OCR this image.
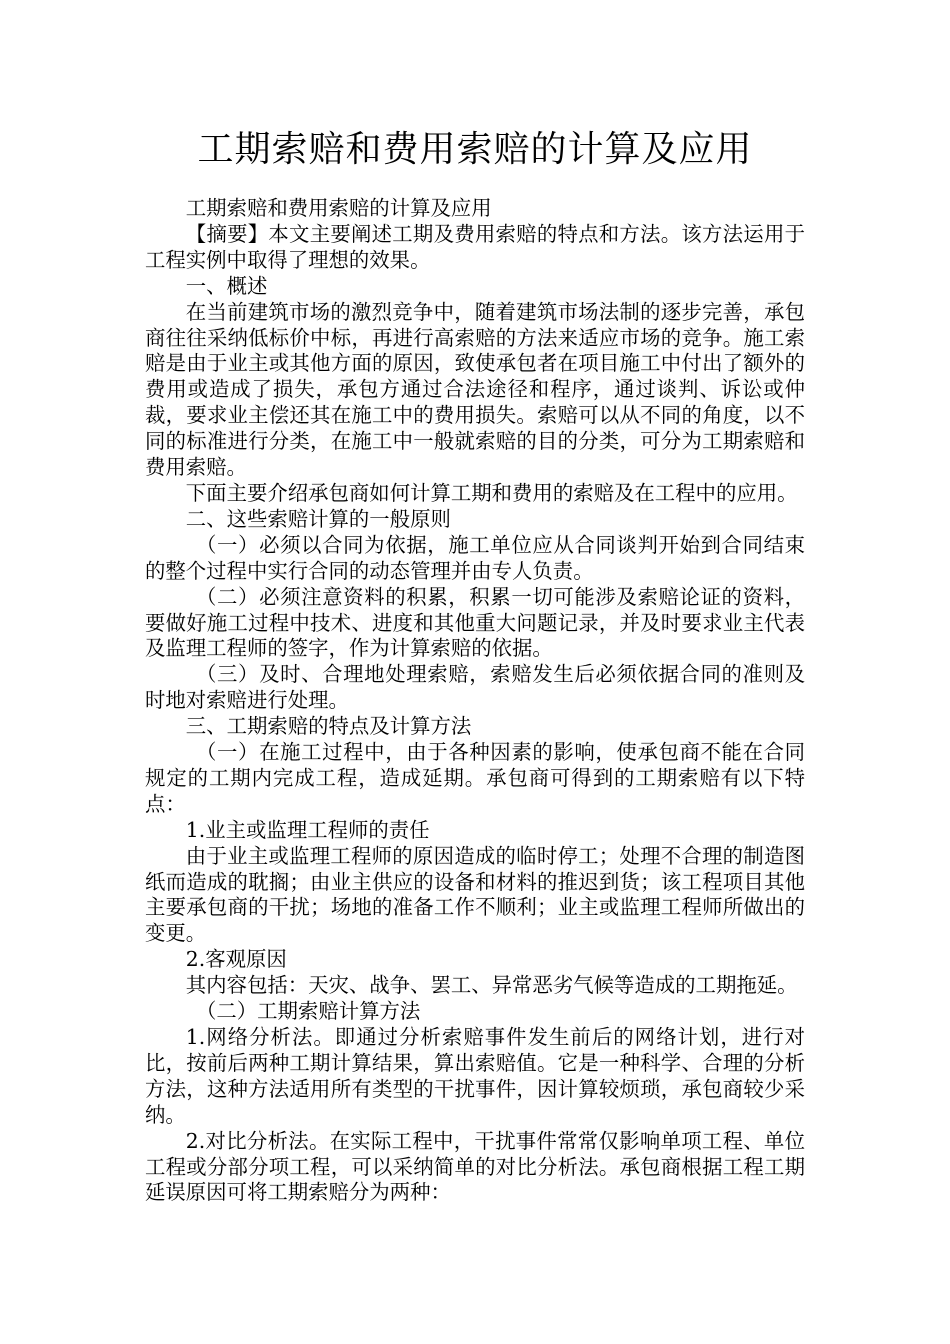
工期索赔和费用索赔的计算及应用

工期索赔和费用索赔的计算及应用

【摘要】本文主要阐述工期及费用索赔的特点和方法。该方法运用于工程实例中取得了理想的效果。

一、概述

在当前建筑市场的激烈竞争中，随着建筑市场法制的逐步完善，承包商往往采纳低标价中标，再进行高索赔的方法来适应市场的竞争。施工索赔是由于业主或其他方面的原因，致使承包者在项目施工中付出了额外的费用或造成了损失，承包方通过合法途径和程序，通过谈判、诉讼或仲裁，要求业主偿还其在施工中的费用损失。索赔可以从不同的角度，以不同的标准进行分类，在施工中一般就索赔的目的分类，可分为工期索赔和费用索赔。

下面主要介绍承包商如何计算工期和费用的索赔及在工程中的应用。

二、这些索赔计算的一般原则

（一）必须以合同为依据，施工单位应从合同谈判开始到合同结束的整个过程中实行合同的动态管理并由专人负责。

（二）必须注意资料的积累，积累一切可能涉及索赔论证的资料，要做好施工过程中技术、进度和其他重大问题记录，并及时要求业主代表及监理工程师的签字，作为计算索赔的依据。

（三）及时、合理地处理索赔，索赔发生后必须依据合同的准则及时地对索赔进行处理。

三、工期索赔的特点及计算方法

（一）在施工过程中，由于各种因素的影响，使承包商不能在合同规定的工期内完成工程，造成延期。承包商可得到的工期索赔有以下特点：

1.业主或监理工程师的责任

由于业主或监理工程师的原因造成的临时停工；处理不合理的制造图纸而造成的耽搁；由业主供应的设备和材料的推迟到货；该工程项目其他主要承包商的干扰；场地的准备工作不顺利；业主或监理工程师所做出的变更。

2.客观原因

其内容包括：天灾、战争、罢工、异常恶劣气候等造成的工期拖延。

（二）工期索赔计算方法

1.网络分析法。即通过分析索赔事件发生前后的网络计划，进行对比，按前后两种工期计算结果，算出索赔值。它是一种科学、合理的分析方法，这种方法适用所有类型的干扰事件，因计算较烦琐，承包商较少采纳。

2.对比分析法。在实际工程中，干扰事件常常仅影响单项工程、单位工程或分部分项工程，可以采纳简单的对比分析法。承包商根据工程工期延误原因可将工期索赔分为两种：
